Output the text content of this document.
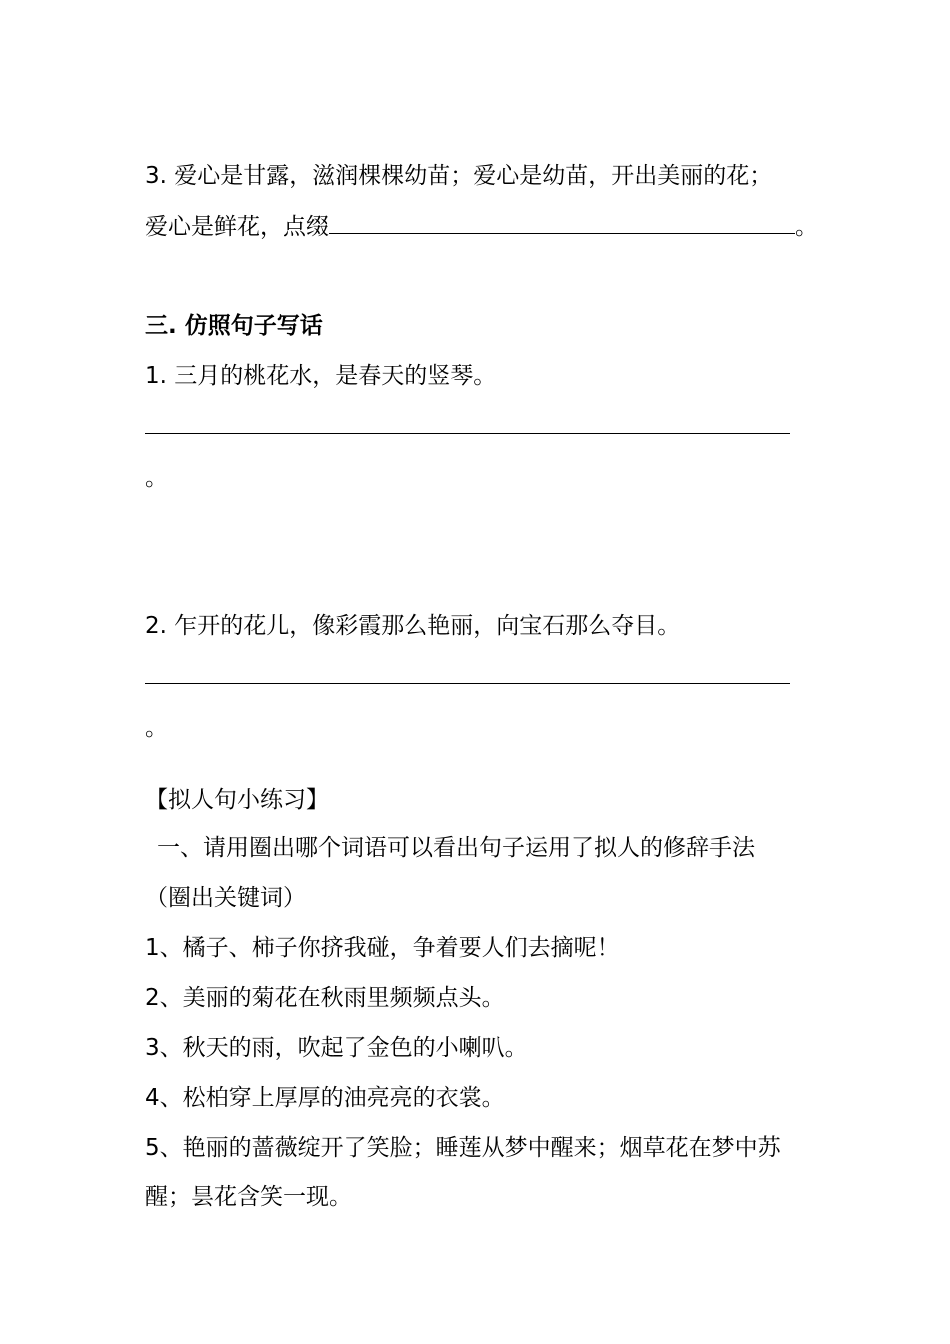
3. 爱心是甘露，滋润棵棵幼苗；爱心是幼苗，开出美丽的花；
爱心是鲜花，点缀	。
三. 仿照句子写话
1. 三月的桃花水，是春天的竖琴。
。
2. 乍开的花儿，像彩霞那么艳丽，向宝石那么夺目。
。
【拟人句小练习】
一、请用圈出哪个词语可以看出句子运用了拟人的修辞手法
（圈出关键词）
1、橘子、柿子你挤我碰，争着要人们去摘呢！
2、美丽的菊花在秋雨里频频点头。
3、秋天的雨，吹起了金色的小喇叭。
4、松柏穿上厚厚的油亮亮的衣裳。
5、艳丽的蔷薇绽开了笑脸；睡莲从梦中醒来；烟草花在梦中苏
醒；昙花含笑一现。
